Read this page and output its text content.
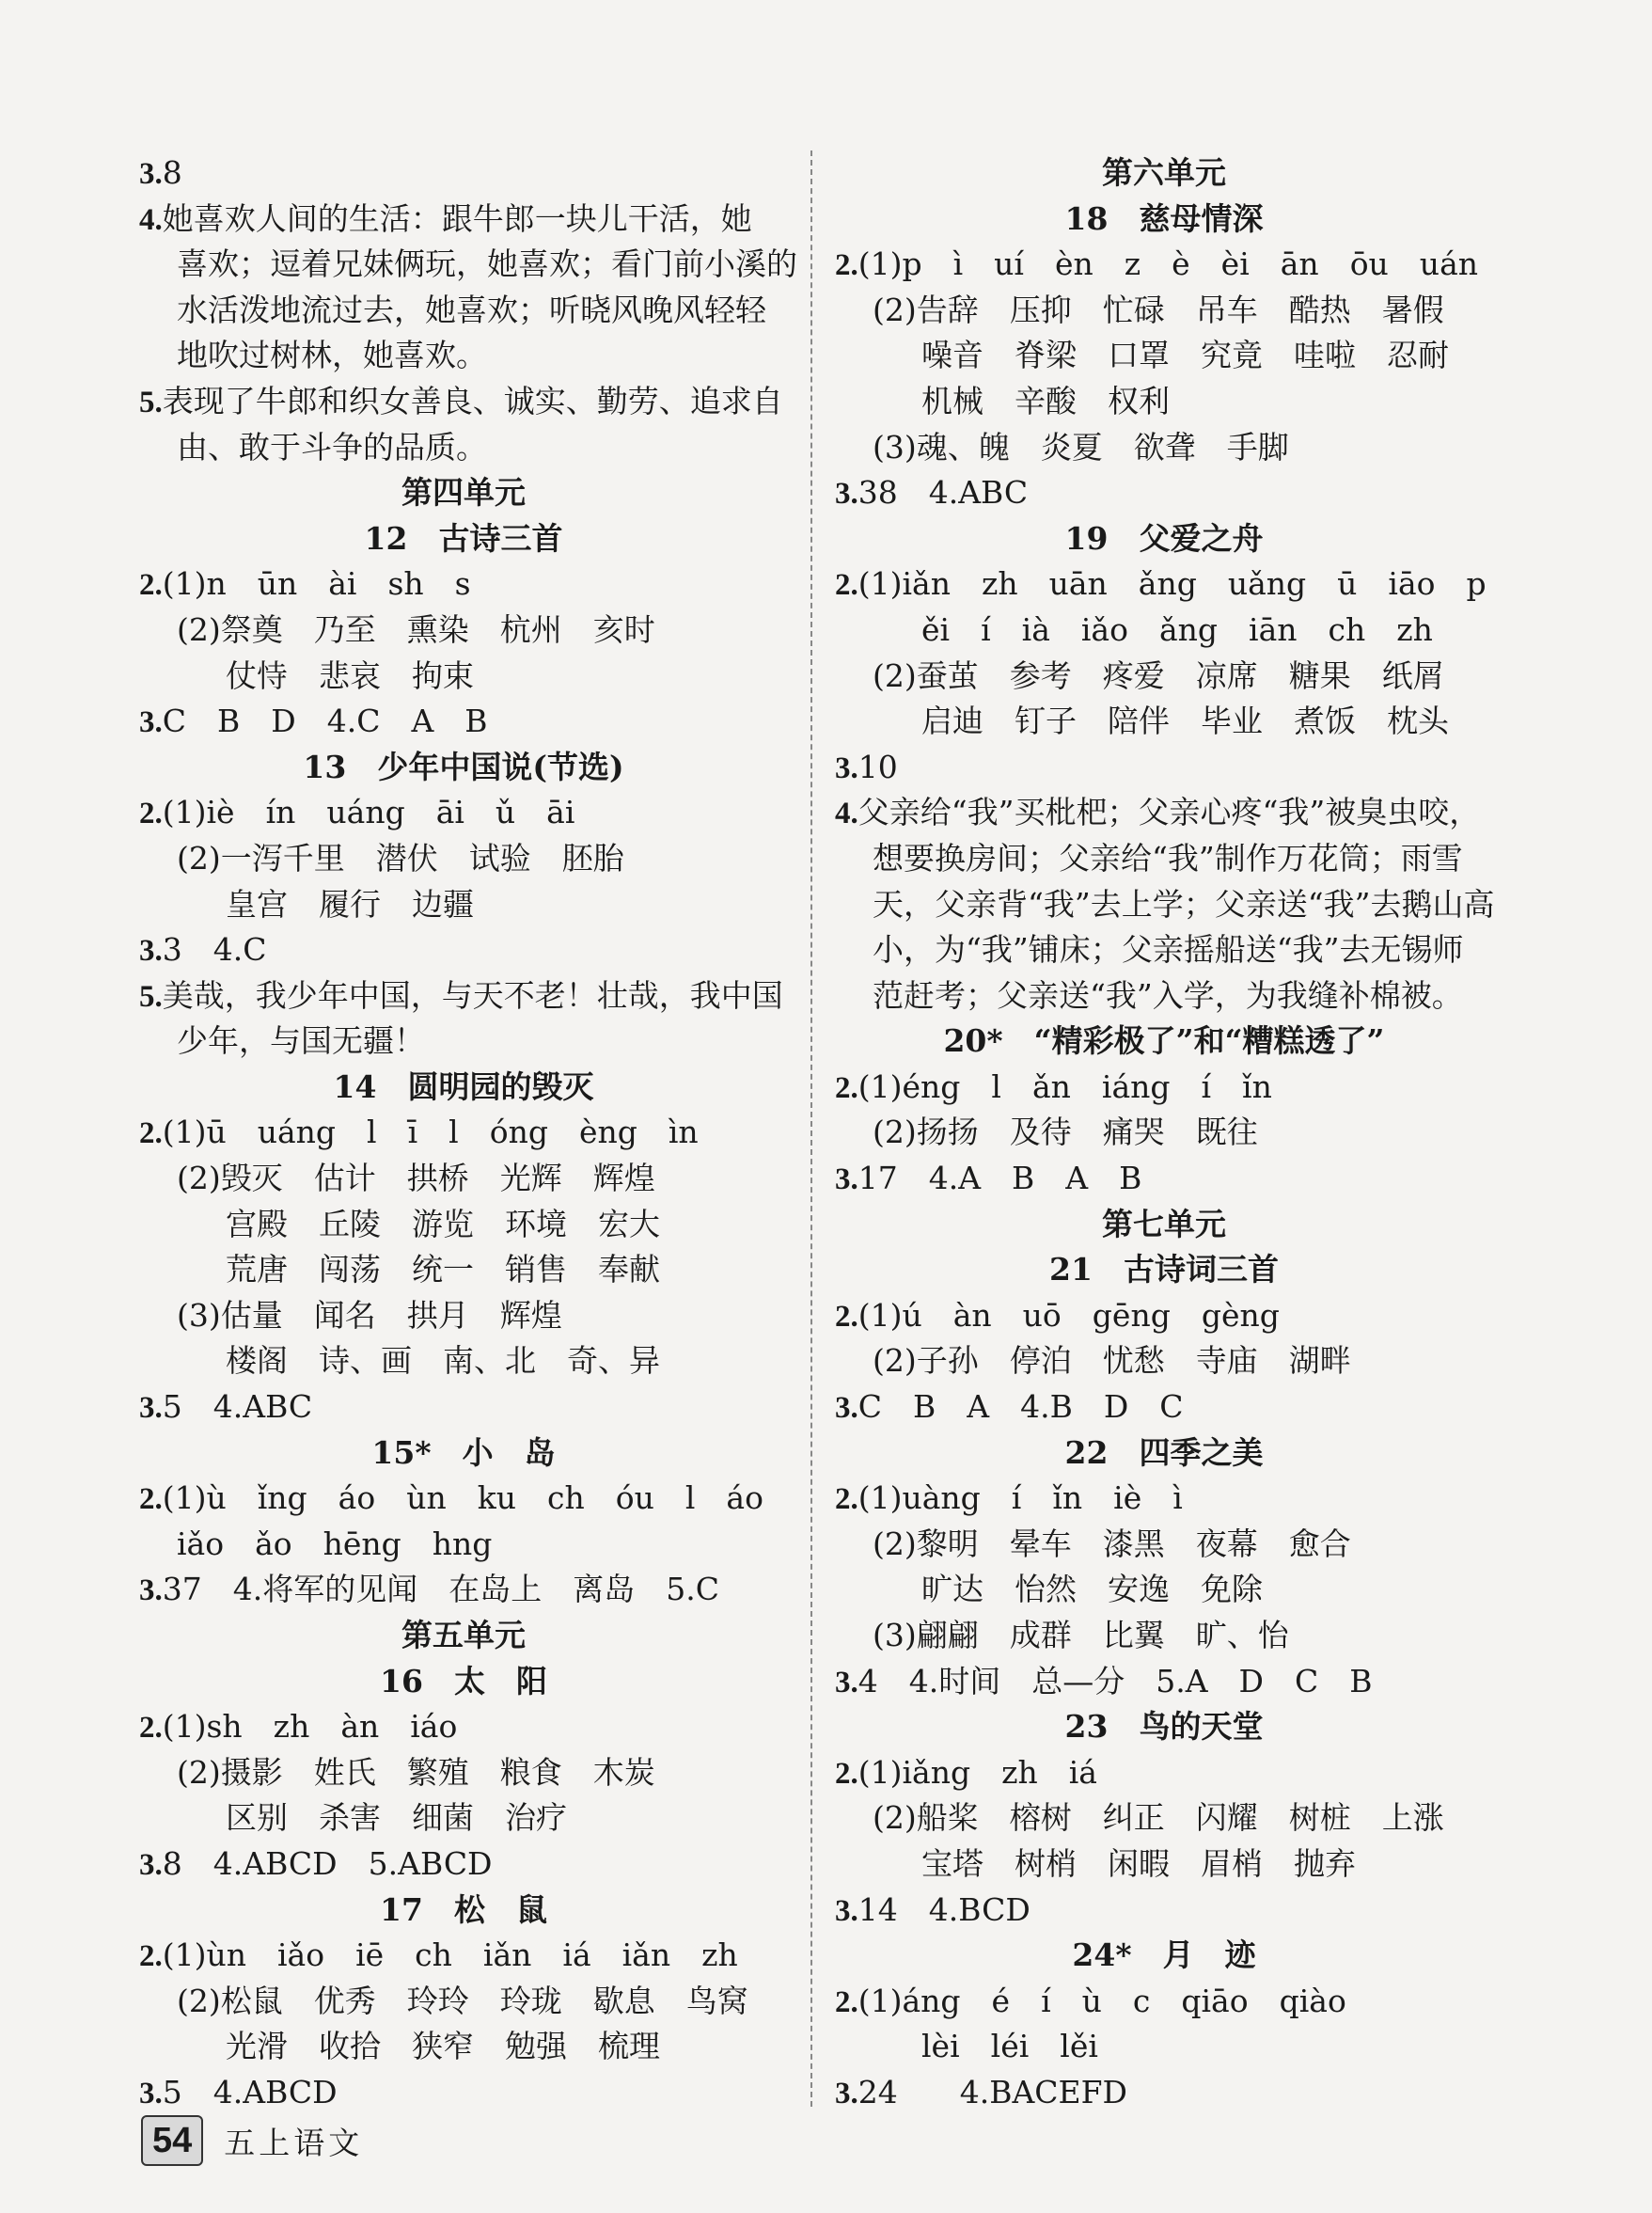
3.8
4.她喜欢人间的生活：跟牛郎一块儿干活，她
喜欢；逗着兄妹俩玩，她喜欢；看门前小溪的
水活泼地流过去，她喜欢；听晓风晚风轻轻
地吹过树林，她喜欢。
5.表现了牛郎和织女善良、诚实、勤劳、追求自
由、敢于斗争的品质。
第四单元
12　古诗三首
2.(1)n　ūn　ài　sh　s
(2)祭奠　乃至　熏染　杭州　亥时
仗恃　悲哀　拘束
3.C　B　D　4.C　A　B
13　少年中国说(节选)
2.(1)iè　ín　uáng　āi　ǔ　āi
(2)一泻千里　潜伏　试验　胚胎
皇宫　履行　边疆
3.3　4.C
5.美哉，我少年中国，与天不老！壮哉，我中国
少年，与国无疆！
14　圆明园的毁灭
2.(1)ū　uáng　l　ī　l　óng　èng　ìn
(2)毁灭　估计　拱桥　光辉　辉煌
宫殿　丘陵　游览　环境　宏大
荒唐　闯荡　统一　销售　奉献
(3)估量　闻名　拱月　辉煌
楼阁　诗、画　南、北　奇、异
3.5　4.ABC
15*　小　岛
2.(1)ù　ǐng　áo　ùn　ku　ch　óu　l　áo
iǎo　ǎo　hēng　hng
3.37　4.将军的见闻　在岛上　离岛　5.C
第五单元
16　太　阳
2.(1)sh　zh　àn　iáo
(2)摄影　姓氏　繁殖　粮食　木炭
区别　杀害　细菌　治疗
3.8　4.ABCD　5.ABCD
17　松　鼠
2.(1)ùn　iǎo　iē　ch　iǎn　iá　iǎn　zh
(2)松鼠　优秀　玲玲　玲珑　歇息　鸟窝
光滑　收拾　狭窄　勉强　梳理
3.5　4.ABCD
第六单元
18　慈母情深
2.(1)p　ì　uí　èn　z　è　èi　ān　ōu　uán
(2)告辞　压抑　忙碌　吊车　酷热　暑假
噪音　脊梁　口罩　究竟　哇啦　忍耐
机械　辛酸　权利
(3)魂、魄　炎夏　欲聋　手脚
3.38　4.ABC
19　父爱之舟
2.(1)iǎn　zh　uān　ǎng　uǎng　ū　iāo　p
ěi　í　ià　iǎo　ǎng　iān　ch　zh
(2)蚕茧　参考　疼爱　凉席　糖果　纸屑
启迪　钉子　陪伴　毕业　煮饭　枕头
3.10
4.父亲给“我”买枇杷；父亲心疼“我”被臭虫咬，
想要换房间；父亲给“我”制作万花筒；雨雪
天，父亲背“我”去上学；父亲送“我”去鹅山高
小，为“我”铺床；父亲摇船送“我”去无锡师
范赶考；父亲送“我”入学，为我缝补棉被。
20*　“精彩极了”和“糟糕透了”
2.(1)éng　l　ǎn　iáng　í　ǐn
(2)扬扬　及待　痛哭　既往
3.17　4.A　B　A　B
第七单元
21　古诗词三首
2.(1)ú　àn　uō　gēng　gèng
(2)子孙　停泊　忧愁　寺庙　湖畔
3.C　B　A　4.B　D　C
22　四季之美
2.(1)uàng　í　ǐn　iè　ì
(2)黎明　晕车　漆黑　夜幕　愈合
旷达　怡然　安逸　免除
(3)翩翩　成群　比翼　旷、怡
3.4　4.时间　总—分　5.A　D　C　B
23　鸟的天堂
2.(1)iǎng　zh　iá
(2)船桨　榕树　纠正　闪耀　树桩　上涨
宝塔　树梢　闲暇　眉梢　抛弃
3.14　4.BCD
24*　月　迹
2.(1)áng　é　í　ù　c　qiāo　qiào
lèi　léi　lěi
3.24　　4.BACEFD
54	五上语文
